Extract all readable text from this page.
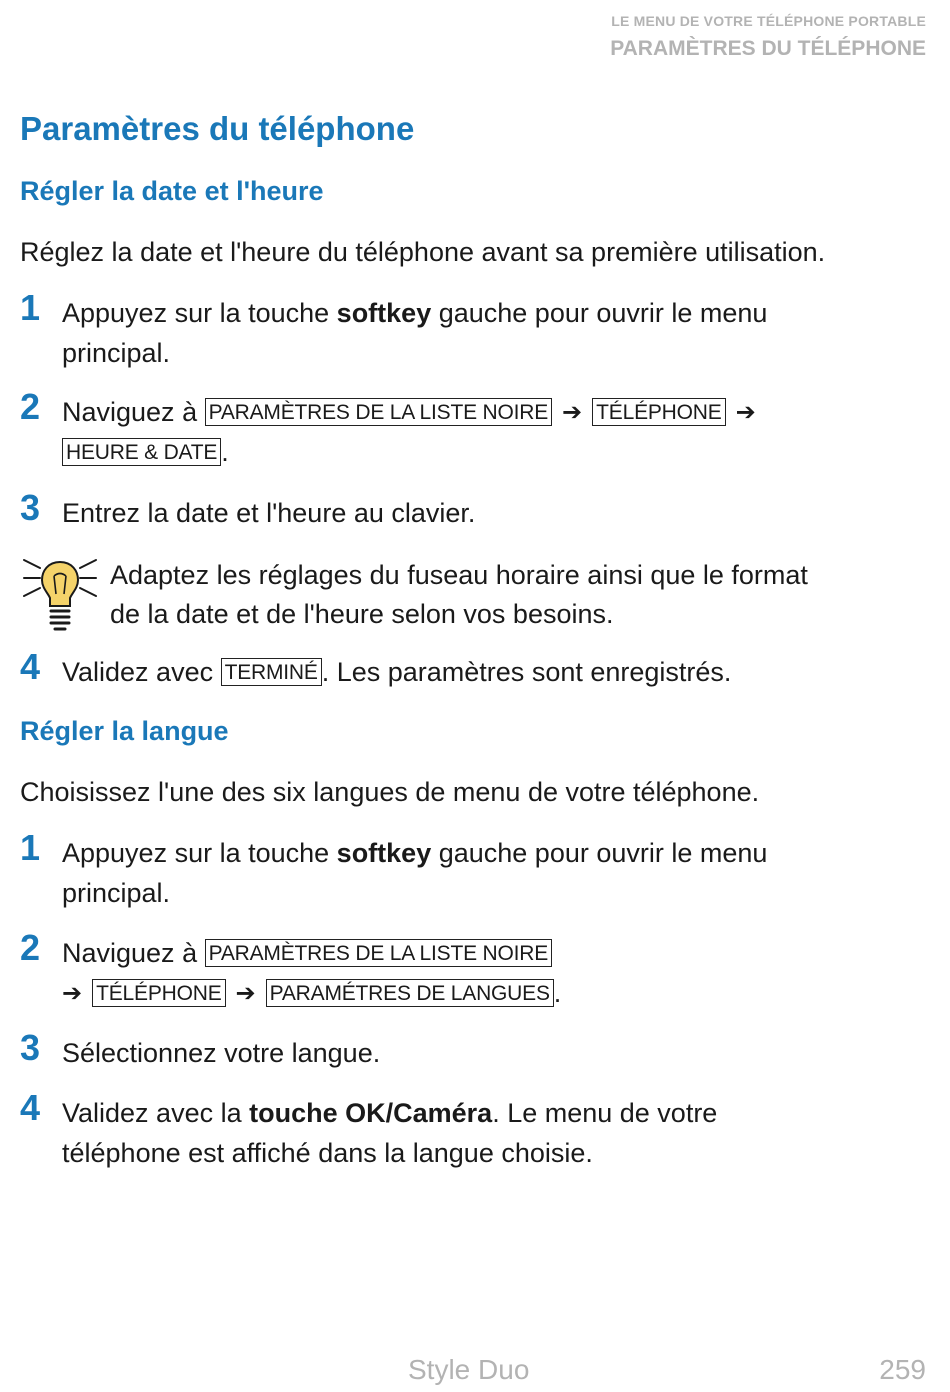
LE MENU DE VOTRE TÉLÉPHONE PORTABLE
PARAMÈTRES DU TÉLÉPHONE
Paramètres du téléphone
Régler la date et l'heure

Réglez la date et l'heure du téléphone avant sa première utilisation.

1 Appuyez sur la touche softkey gauche pour ouvrir le menu
principal.
2 Naviguez à PARAMÈTRES DE LA LISTE NOIRE ➔ TÉLÉPHONE ➔
HEURE & DATE .
3 Entrez la date et l'heure au clavier.
Adaptez les réglages du fuseau horaire ainsi que le format
de la date et de l'heure selon vos besoins.
4 Validez avec TERMINÉ . Les paramètres sont enregistrés.
Régler la langue

Choisissez l'une des six langues de menu de votre téléphone.

1 Appuyez sur la touche softkey gauche pour ouvrir le menu
principal.
2 Naviguez à PARAMÈTRES DE LA LISTE NOIRE
➔ TÉLÉPHONE ➔ PARAMÉTRES DE LANGUES .
3 Sélectionnez votre langue.
4 Validez avec la touche OK/Caméra. Le menu de votre
téléphone est affiché dans la langue choisie.
Style Duo	259
